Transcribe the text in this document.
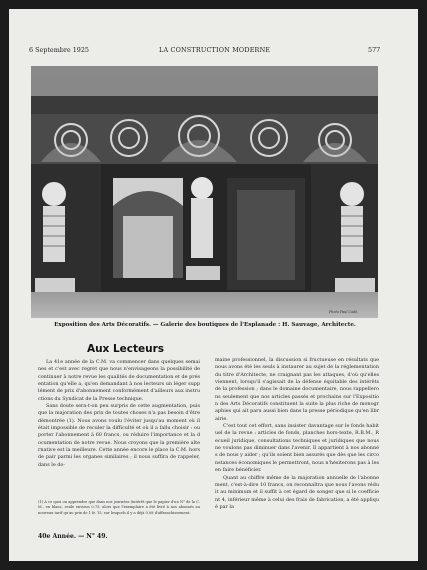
6 Septembre 1925	LA CONSTRUCTION MODERNE	577
Photo Paul Cadé.
Exposition des Arts Décoratifs. — Galerie des boutiques de l'Esplanade : H. Sauvage, Architecte.
Aux Lecteurs

La 41e année de la C.M. va commencer dans quelques semaines et c'est avec regret que nous n'envisageons la possibilité de continuer à notre revue les qualités de documentation et de présentation qu'elle a, qu'en demandant à nos lecteurs un léger supplément de prix d'abonnement conformément d'ailleurs aux instructions du Syndicat de la Presse technique.

Sans doute sera-t-on peu surpris de cette augmentation, puisque la majoration des prix de toutes choses n'a pas besoin d'être démontrée (1). Nous avons voulu l'éviter jusqu'au moment où il était impossible de reculer la difficulté et où il a fallu choisir : ou porter l'abonnement à 60 francs, ou réduire l'importance et la documentation de notre revue. Nous croyons que la première alternative est la meilleure. Cette année encore le place la C.M. hors de pair parmi les organes similaires ; il nous suffira de rappeler, dans le do-

(1) A ce quoi on apprendre que dans nos journées (intérêt que le papier d'un N° de la C. M., en blanc, seule environ 0,75, alors que l'exemplaire a été livré à nos abonnés au nouveau tarif qu'au prix de 1 fr. 15, sur lesquels il y a déjà 0,08 d'affranchissement.

maine professionnel, la discussion si fructueuse en résultats que nous avons été les seuls à instaurer au sujet de la réglementation du titre d'Architecte, ne craignant pas les attaques, d'où qu'elles viennent, lorsqu'il s'agissait de la défense équitable des intérêts de la profession ; dans le domaine documentaire, nous rappellerons seulement que nos articles passés et prochains sur l'Exposition des Arts Décoratifs constituent la suite la plus riche de monographies qui ait paru aussi bien dans la presse périodique qu'en librairie.

C'est tout cet effort, sans insister davantage sur le fonds habituel de la revue : articles de fonds, planches hors-texte, R.B.M., Recueil juridique, consultations techniques et juridiques que nous ne voulons pas diminuer dans l'avenir. Il appartient à nos abonnés de nous y aider ; qu'ils soient bien assurés que dès que les circonstances économiques le permettront, nous n'hésiterons pas à les en faire bénéficier.

Quant au chiffre même de la majoration annuelle de l'abonnement, c'est-à-dire 10 francs, on reconnaîtra que nous l'avons réduit au minimum et il suffit à cet égard de songer que si le coefficient 4, inférieur même à celui des frais de fabrication, a été appliqué par la

40e Année. — N° 49.
